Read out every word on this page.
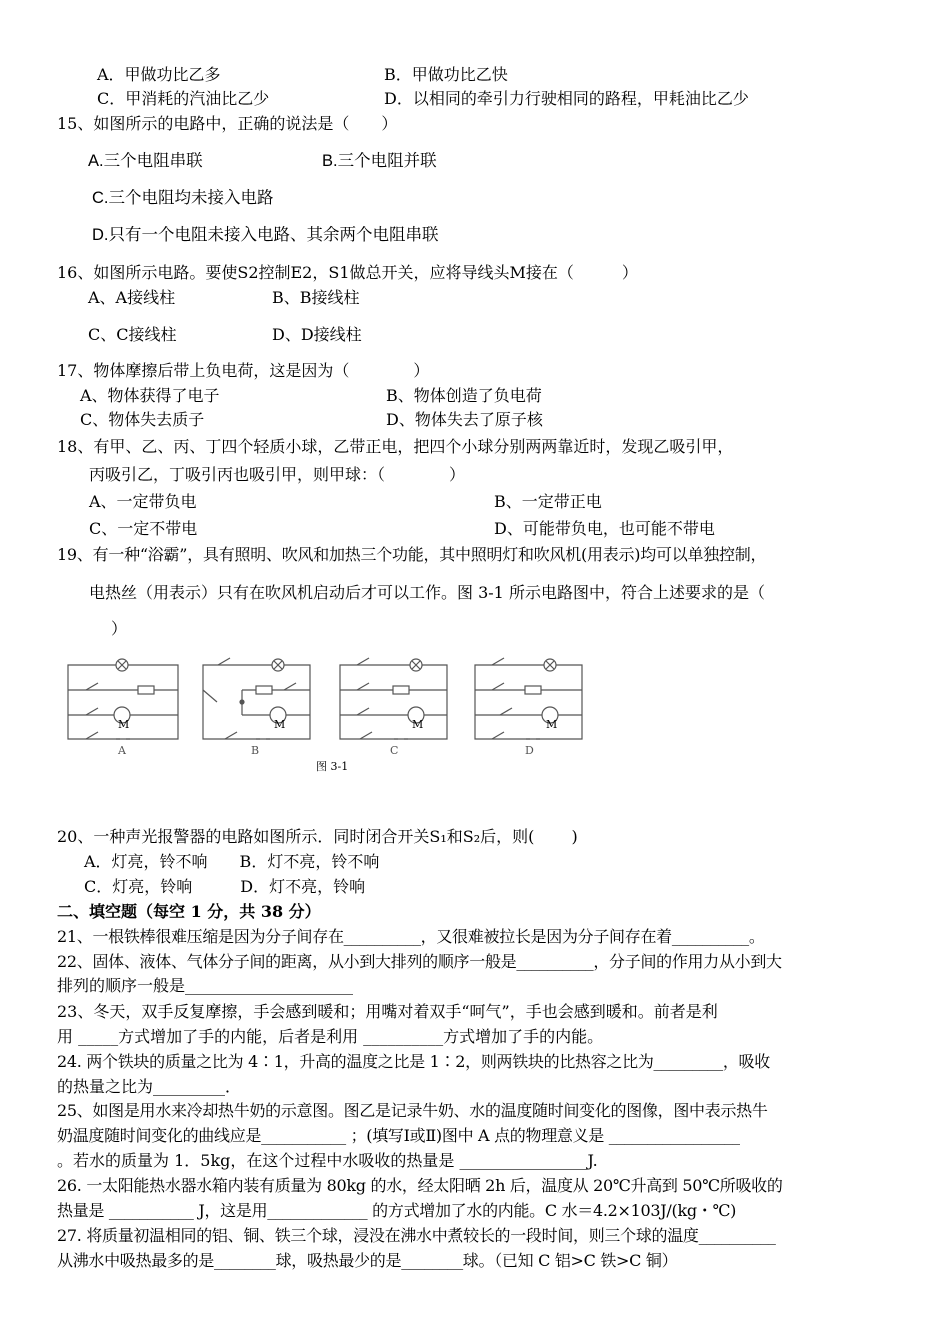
A．甲做功比乙多	B．甲做功比乙快
C．甲消耗的汽油比乙少	D．以相同的牵引力行驶相同的路程，甲耗油比乙少
15、如图所示的电路中，正确的说法是（　　）
A.三个电阻串联	B.三个电阻并联
C.三个电阻均未接入电路
D.只有一个电阻未接入电路、其余两个电阻串联
16、如图所示电路。要使S2控制E2，S1做总开关，应将导线头M接在（　　　）
A、A接线柱	B、B接线柱
C、C接线柱	D、D接线柱
17、物体摩擦后带上负电荷，这是因为（　　　　）
A、物体获得了电子	B、物体创造了负电荷
C、物体失去质子	D、物体失去了原子核
18、有甲、乙、丙、丁四个轻质小球，乙带正电，把四个小球分别两两靠近时，发现乙吸引甲，
丙吸引乙，丁吸引丙也吸引甲，则甲球：（　　　　）
A、一定带负电	B、一定带正电
C、一定不带电	D、可能带负电，也可能不带电
19、有一种“浴霸”，具有照明、吹风和加热三个功能，其中照明灯和吹风机(用表示)均可以单独控制，
电热丝（用表示）只有在吹风机启动后才可以工作。图 3-1 所示电路图中，符合上述要求的是（
）
M	M	M	M
A	B	C	D
图 3-1
20、一种声光报警器的电路如图所示．同时闭合开关S₁和S₂后，则(　　 )
A．灯亮，铃不响　　B．灯不亮，铃不响
C．灯亮，铃响　　　D．灯不亮，铃响
二、填空题（每空 1 分，共 38 分）
21、一根铁棒很难压缩是因为分子间存在__________，又很难被拉长是因为分子间存在着__________。
22、固体、液体、气体分子间的距离，从小到大排列的顺序一般是__________，分子间的作用力从小到大
排列的顺序一般是_____________________
23、冬天，双手反复摩擦，手会感到暖和；用嘴对着双手“呵气”，手也会感到暖和。前者是利
用 _____方式增加了手的内能，后者是利用 __________方式增加了手的内能。
24. 两个铁块的质量之比为 4∶1，升高的温度之比是 1∶2，则两铁块的比热容之比为_________，吸收
的热量之比为_________．
25、如图是用水来冷却热牛奶的示意图。图乙是记录牛奶、水的温度随时间变化的图像，图中表示热牛
奶温度随时间变化的曲线应是___________ ；(填写Ⅰ或Ⅱ)图中 A 点的物理意义是 _________________
。若水的质量为 1．5kg，在这个过程中水吸收的热量是 ________________J.
26. 一太阳能热水器水箱内装有质量为 80kg 的水，经太阳晒 2h 后，温度从 20℃升高到 50℃所吸收的
热量是 ___________ J，这是用_____________ 的方式增加了水的内能。C 水＝4.2×103J/(kg・℃)
27. 将质量初温相同的铝、铜、铁三个球，浸没在沸水中煮较长的一段时间，则三个球的温度__________
从沸水中吸热最多的是________球，吸热最少的是________球。（已知 C 铝>C 铁>C 铜）
